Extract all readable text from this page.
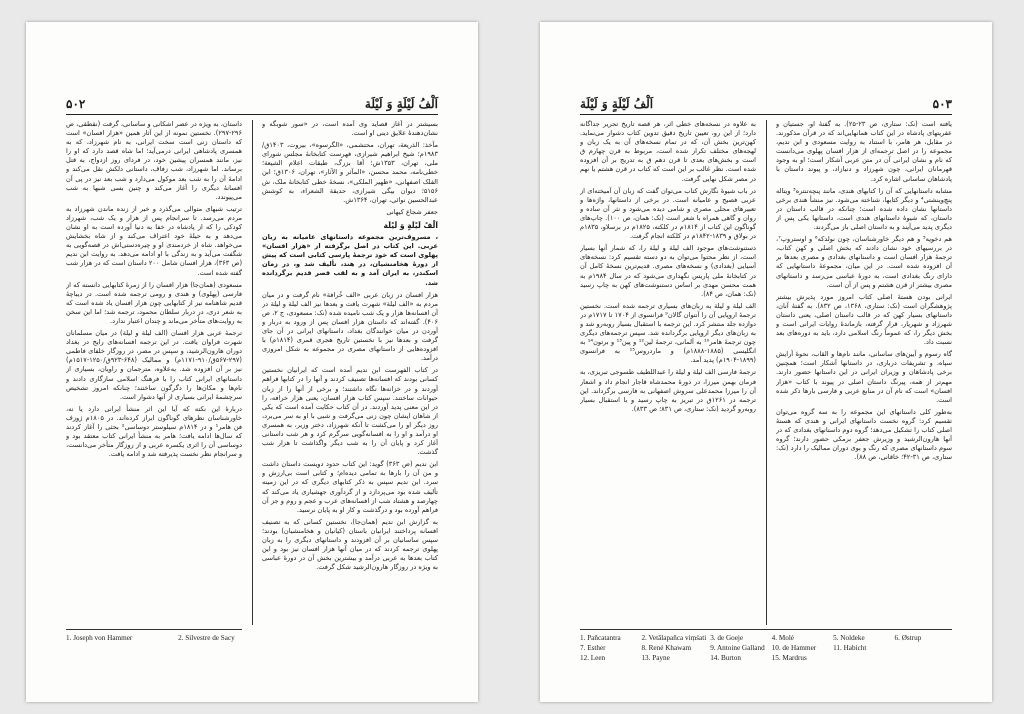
۵۰۲	اَلْفُ لَیْلَةٍ وَ لَیْلَة

بسیشتر در آغاز قصاید وی آمده است، در «سور شوبگه و نشان‌دهندهٔ علایق دینی او است.

مآخذ: الذریعة، تهران، محتشمی، «الگرسوه»، بیروت، ۱۴۰۳ق/۱۹۸۳م؛ شیخ ابراهیم شیرازی، فهرست کتابخانهٔ مجلس شورای ملی، تهران، ۱۳۵۳ش؛ آقا بزرگ، طبقات اعلام الشیعة؛ خطی‌نامه، محمد محسن، «المآثر و الآثار»، تهران، ۱۳۰۶ق؛ ابن الفلک اصفهانی، «ظهیر الملکی»، نسخهٔ خطی کتابخانهٔ ملک، ش ۵۱۵۶؛ دیوان بیگی شیرازی، حدیقة الشعراء، به کوشش عبدالحسین نوائی، تهران، ۱۳۶۴ش.

جعفر شجاع کیهانی

اَلْفُ لَیْلَةٍ وَ لَیْلَة

، مسروف‌ترین مجموعه داستانهای عامیانه به زبان عربی. این کتاب در اصل برگرفته از «هزار افسان» پهلوی است که خود ترجمهٔ پارسی کتابی است که پیش از دورهٔ هخامنشیان، در هند، تألیف شد و، در زمان اسکندر، به ایران آمد و به لقب قصر قدیم برگردانده شد.

هزار افسان در زبان عربی «الف خُرافة» نام گرفت و در میان مردم به «الف لیلة» شهرت یافت و بعدها نیز الف لیلة و لیلة در آن افسانه‌ها هزار و یک شب نامیده شده (نک: مسعودی، ج ۲، ص ۴۰۶). گفته‌اند که داستان هزار افسان پس از ورود به دربار و آوردن در میان خوانندگان بغداد، داستانهای ایرانی در آن جای گرفت و بعدها نیز با نخستین تاریخ هجری قمری (۱۸۱۴م) با افزوده‌هایی از داستانهای مصری در مجموعه به شکل امروزی درآمد.

در کتاب الفهرست ابن ندیم آمده است که ایرانیان نخستین کسانی بودند که افسانه‌ها تصنیف کردند و آنها را در کتابها فراهم آوردند و در خزانه‌ها نگاه داشتند؛ و برخی از آنها را از زبان حیوانات ساختند. سپس کتاب هزار افسان، یعنی هزار خرافه، را در این معنی پدید آوردند. در آن کتاب حکایت آمده است که یکی از شاهان ایشان چون زنی می‌گرفت و شبی با او به سر می‌برد، روز دیگر او را می‌کشت تا آنکه شهرزاد، دختر وزیر، به همسری او درآمد و او را به افسانه‌گویی سرگرم کرد و هر شب داستانی آغاز کرد و پایان آن را به شب دیگر واگذاشت تا هزار شب گذشت.

ابن ندیم (ص ۳۶۳) گوید: این کتاب حدود دویست داستان داشت و من آن را بارها به تمامی دیده‌ام؛ و کتابی است بی‌ارزش و سرد. ابن ندیم سپس به ذکر کتابهای دیگری که در این زمینه تألیف شده بود می‌پردازد و از گردآوری جهشیاری یاد می‌کند که چهارصد و هشتاد شب از افسانه‌های عرب و عجم و روم و جز آن فراهم آورده بود و درگذشت و کار او به پایان نرسید.

به گزارش ابن ندیم (همان‌جا)، نخستین کسانی که به تصنیف افسانه پرداختند ایرانیان باستان (کیانیان و هخامنشیان) بودند؛ سپس ساسانیان بر آن افزودند و داستانهای دیگری را به زبان پهلوی ترجمه کردند که در میان آنها هزار افسان نیز بود و این کتاب بعدها به عربی درآمد و بیشترین بخش آن در دورهٔ عباسی به ویژه در روزگار هارون‌الرشید شکل گرفت.

داستان، به ویژه در عصر اشکانی و ساسانی، گرفت (نقطقی، ص ۲۹۶-۲۹۷). نخستین نمونه از این آثار همین «هزار افسان» است که داستان زنی است سخت ایرانی، به نام شهرزاد، که به همسری پادشاهی ایرانی درمی‌آید؛ اما شاه قصد دارد که او را نیز، مانند همسران پیشین خود، در فردای روز ازدواج، به قتل برساند. اما شهرزاد، شب زفاف، داستانی دلکش نقل می‌کند و ادامهٔ آن را به شب بعد موکول می‌دارد و شب بعد نیز در پی آن افسانهٔ دیگری را آغاز می‌کند و چنین بسی شبها به شب می‌پیوندد.

ترتیب شبهای متوالی می‌گذرد و خبر از زنده ماندن شهرزاد به مردم می‌رسد. تا سرانجام پس از هزار و یک شب، شهرزاد کودکی را که از پادشاه در خفا به دنیا آورده است به او نشان می‌دهد و به حیلهٔ خود اعتراف می‌کند و از شاه بخشایش می‌خواهد. شاه از خردمندی او و چیره‌دستی‌اش در قصه‌گویی به شگفت می‌آید و به زندگی با او ادامه می‌دهد. به روایت ابن ندیم (ص ۳۶۳)، هزار افسان شامل ۲۰۰ داستان است که در هزار شب گفته شده است.

مسعودی (همان‌جا) هزار افسان را از زمرهٔ کتابهایی دانسته که از فارسی (پهلوی) و هندی و رومی ترجمه شده است. در دیباچهٔ قدیم شاهنامه نیز از کتابهایی چون هزار افسان یاد شده است که به شعر دری، در دربار سلطان محمود، ترجمه شد؛ اما این سخن به روایت‌های متأخر می‌ماند و چندان اعتبار ندارد.

ترجمهٔ عربی هزار افسان (الف لیلة و لیلة) در میان مسلمانان شهرت فراوان یافت. در این ترجمه افسانه‌های رایج در بغداد دوران هارون‌الرشید، و سپس در مصر، در روزگار خلفای فاطمی (۲۹۷-۵۶۷ق/۹۱۰-۱۱۷۱م) و ممالیک (۶۴۸-۹۲۳ق/۱۲۵۰-۱۵۱۷م) نیز بر آن افزوده شد. به‌علاوه، مترجمان و راویان، بسیاری از داستانهای ایرانی کتاب را با فرهنگ اسلامی سازگاری دادند و نام‌ها و مکان‌ها را دگرگون ساختند؛ چنانکه امروز تشخیص سرچشمهٔ ایرانی بسیاری از آنها دشوار است.

دربارهٔ این نکته که آیا این اثر منشأ ایرانی دارد یا نه، خاورشناسان نظرهای گوناگون ابراز کرده‌اند. در ۱۸۰۵م ژوزف فن هامر¹ و در ۱۸۱۴م سیلوستر دوساسی² بحثی را آغاز کردند که سال‌ها ادامه یافت؛ هامر به منشأ ایرانی کتاب معتقد بود و دوساسی آن را اثری یکسره عربی و از روزگار متأخر می‌دانست، و سرانجام نظر نخست پذیرفته شد و ادامه یافت.

1. Joseph von Hammer	2. Silvestre de Sacy
۵۰۳
اَلْفُ لَیْلَةٍ وَ لَیْلَة

یافته است (نک: ستاری، ص ۲۳-۲۵). به گفتهٔ او، جستیان و عفریتهای پادشاه در این کتاب همانهایی‌اند که در قرآن مذکورند. در مقابل، هر هامر، با استناد به روایت مسعودی و ابن ندیم، مجموعه را در اصل ترجمه‌ای از هزار افسان پهلوی می‌دانست که نام و نشان ایرانی آن در متن عربی آشکار است؛ او به وجود قهرمانان ایرانی، چون شهرزاد و دنیازاد، و پیوند داستان با پادشاهان ساسانی اشاره کرد.

مشابه داستانهایی که آن را کتابهای هندی، مانند پنچه‌تنتره³ ویتاله پنچ‌وینشتی⁴ و دیگر کتابها، شناخته می‌شود. نیز منشأ هندی برخی داستانها نشان داده شده است؛ چنانکه در قالب داستان در داستان، که شیوهٔ داستانهای هندی است، داستانها یکی پس از دیگری پدید می‌آیند و به داستان اصلی باز می‌گردند.

هم دخویه⁵ و هم دیگر خاورشناسان، چون نولدکه⁶ و اوستروپ⁷، در بررسیهای خود نشان دادند که بخش اصلی و کهن کتاب، ترجمهٔ هزار افسان است و داستانهای بغدادی و مصری بعدها بر آن افزوده شده است. در این میان، مجموعهٔ داستانهایی که دارای رنگ بغدادی است، به دورهٔ عباسی می‌رسد و داستانهای مصری بیشتر از قرن هشتم و پس از آن است.

ایرانی بودن هستهٔ اصلی کتاب امروز مورد پذیرش بیشتر پژوهشگران است (نک: ستاری، ۱۳۶۸، ص ۸۳۲). به گفتهٔ آنان، داستانهای بسیار کهن که در قالب داستان اصلی، یعنی داستان شهرزاد و شهریار، قرار گرفته، بازماندهٔ روایات ایرانی است و بخش دیگر را، که عموماً رنگ اسلامی دارد، باید به دوره‌های بعد نسبت داد.

گاه رسوم و آیین‌های ساسانی، مانند نام‌ها و القاب، نحوهٔ آرایش سپاه، و تشریفات درباری، در داستانها آشکار است؛ همچنین برخی پادشاهان و وزیران ایرانی در این داستانها حضور دارند. مهم‌تر از همه، پیرنگ داستان اصلی در پیوند با کتاب «هزار افسان» است که نام آن در منابع عربی و فارسی بارها ذکر شده است.

به‌طور کلی داستانهای این مجموعه را به سه گروه می‌توان تقسیم کرد: گروه نخست داستانهای ایرانی و هندی که هستهٔ اصلی کتاب را تشکیل می‌دهد؛ گروه دوم داستانهای بغدادی که در آنها هارون‌الرشید و وزیرش جعفر برمکی حضور دارند؛ گروه سوم داستانهای مصری که رنگ و بوی دوران ممالیک را دارد (نک: ستاری، ص ۳۱-۴۲؛ خاقانی، ص ۸۸).

به علاوه در نسخه‌های خطی اثر، هر قصه تاریخ تحریر جداگانه دارد؛ از این رو، تعیین تاریخ دقیق تدوین کتاب دشوار می‌نماید. کهن‌ترین بخش آن، که در تمام نسخه‌های آن به یک زبان و لهجه‌های مختلف تکرار شده است، مربوط به قرن چهارم ق است و بخش‌های بعدی تا قرن دهم ق به تدریج بر آن افزوده شده است. نظر غالب بر این است که کتاب در قرن هشتم یا نهم در مصر شکل نهایی گرفت.

در باب شیوهٔ نگارش کتاب می‌توان گفت که زبان آن آمیخته‌ای از عربی فصیح و عامیانه است. در برخی از داستانها، واژه‌ها و تعبیرهای محلی مصری و شامی دیده می‌شود و نثر آن ساده و روان و گاهی همراه با شعر است (نک: همان، ص ۱۰۰). چاپ‌های گوناگون این کتاب از ۱۸۱۴م در کلکته، ۱۸۲۵م در برسلاو، ۱۸۳۵م در بولاق و ۱۸۳۹-۱۸۴۲م در کلکته انجام گرفت.

دستنوشت‌های موجود الف لیلة و لیلة را، که شمار آنها بسیار است، از نظر محتوا می‌توان به دو دسته تقسیم کرد: نسخه‌های آسیایی (بغدادی) و نسخه‌های مصری. قدیم‌ترین نسخهٔ کامل آن در کتابخانهٔ ملی پاریس نگهداری می‌شود که در سال ۱۹۸۴م به همت محسن مهدی بر اساس دستنوشت‌های کهن به چاپ رسید (نک: همان، ص ۸۴).

الف لیلة و لیلة به زبان‌های بسیاری ترجمه شده است. نخستین ترجمهٔ اروپایی آن را آنتوان گالان⁹ فرانسوی از ۱۷۰۴ تا ۱۷۱۷م در دوازده جلد منتشر کرد. این ترجمه با استقبال بسیار روبه‌رو شد و به زبان‌های دیگر اروپایی برگردانده شد. سپس ترجمه‌های دیگری چون ترجمهٔ هامر¹⁰ به آلمانی، ترجمهٔ لین¹² و پین¹³ و برتون¹⁴ به انگلیسی (۱۸۸۵-۱۸۸۸م) و ماردروس¹⁵ به فرانسوی (۱۸۹۹-۱۹۰۴م) پدید آمد.

ترجمهٔ فارسی الف لیلة و لیلة را عبداللطیف طسوجی تبریزی، به فرمان بهمن میرزا، در دورهٔ محمدشاه قاجار انجام داد و اشعار آن را میرزا محمدعلی سروش اصفهانی به فارسی برگرداند. این ترجمه در ۱۲۶۱ق در تبریز به چاپ رسید و با استقبال بسیار روبه‌رو گردید (نک: ستاری، ص ۸۳۱؛ ص ۸۳۳).

1. Pañcatantra	2. Vetālapañca viṃśati 3. de Goeje	4. Molé	5. Noldeke	6. Østrup
7. Esther	8. René Khawam	9. Antoine Galland 10. de Hammer	11. Habicht
12. Leen	13. Payne	14. Burton	15. Mardrus
